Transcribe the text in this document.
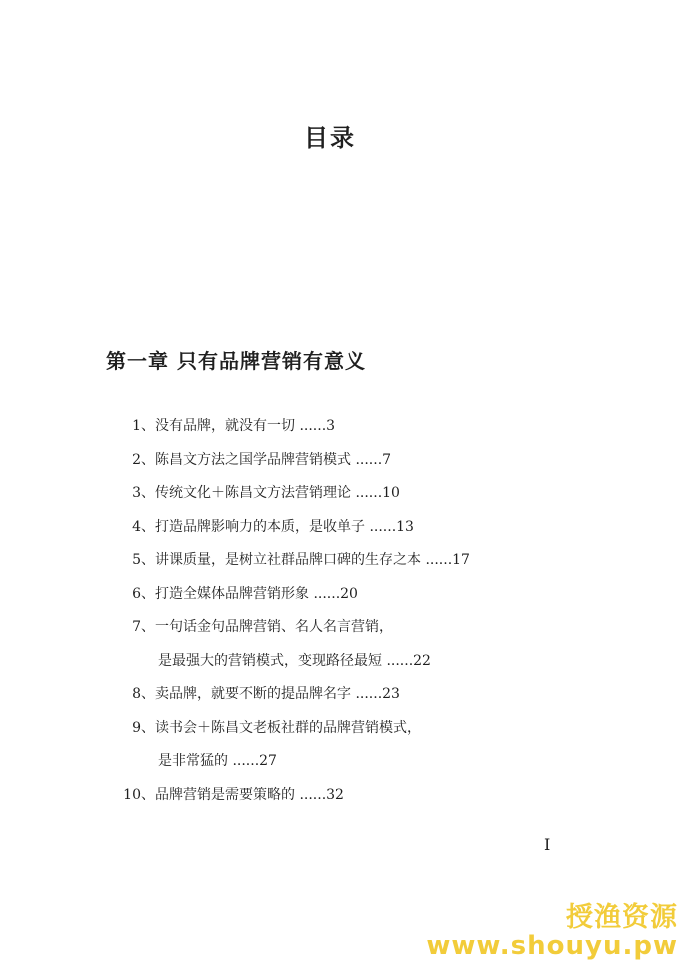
目录
第一章 只有品牌营销有意义
1、没有品牌，就没有一切 ......3
2、陈昌文方法之国学品牌营销模式 ......7
3、传统文化＋陈昌文方法营销理论 ......10
4、打造品牌影响力的本质，是收单子 ......13
5、讲课质量，是树立社群品牌口碑的生存之本 ......17
6、打造全媒体品牌营销形象 ......20
7、一句话金句品牌营销、名人名言营销，
是最强大的营销模式，变现路径最短 ......22
8、卖品牌，就要不断的提品牌名字 ......23
9、读书会＋陈昌文老板社群的品牌营销模式，
是非常猛的 ......27
10、品牌营销是需要策略的 ......32
I
授渔资源
www.shouyu.pw
